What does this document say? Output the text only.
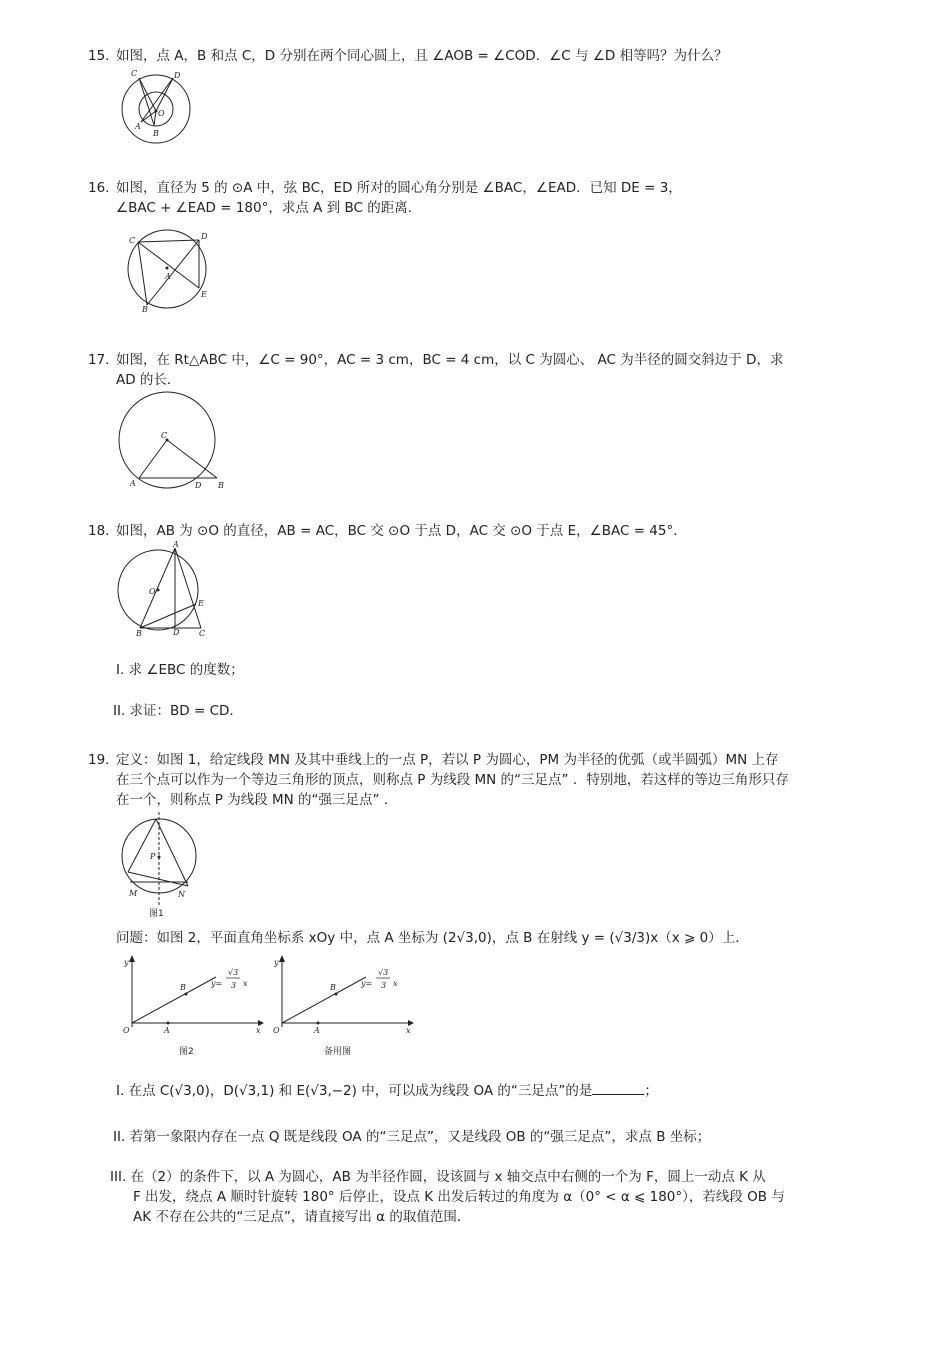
15. 如图，点 A，B 和点 C，D 分别在两个同心圆上，且 ∠AOB = ∠COD．∠C 与 ∠D 相等吗？为什么？
C	D
O
A
B
16. 如图，直径为 5 的 ⊙A 中，弦 BC，ED 所对的圆心角分别是 ∠BAC，∠EAD．已知 DE = 3，
∠BAC + ∠EAD = 180°，求点 A 到 BC 的距离．
C	D
A
E
B
17. 如图，在 Rt△ABC 中，∠C = 90°，AC = 3 cm，BC = 4 cm，以 C 为圆心、 AC 为半径的圆交斜边于 D，求
AD 的长．
C
A	D B
18. 如图，AB 为 ⊙O 的直径，AB = AC，BC 交 ⊙O 于点 D，AC 交 ⊙O 于点 E，∠BAC = 45°．
A
O
E
B	D C
I. 求 ∠EBC 的度数；
II. 求证：BD = CD．
19. 定义：如图 1，给定线段 MN 及其中垂线上的一点 P，若以 P 为圆心，PM 为半径的优弧（或半圆弧）MN 上存
在三个点可以作为一个等边三角形的顶点，则称点 P 为线段 MN 的“三足点” ．特别地，若这样的等边三角形只存
在一个，则称点 P 为线段 MN 的“强三足点” ．
P
M	N
图1
问题：如图 2，平面直角坐标系 xOy 中，点 A 坐标为 (2√3,0)，点 B 在射线 y = (√3/3)x（x ⩾ 0）上．
y
x
O	A
B	y=
√3
3 x
图2
y
x
O	A
B	y=
√3
3 x
备用图
I. 在点 C(√3,0)，D(√3,1) 和 E(√3,−2) 中，可以成为线段 OA 的“三足点”的是	；
II. 若第一象限内存在一点 Q 既是线段 OA 的“三足点”，又是线段 OB 的“强三足点”，求点 B 坐标；
III. 在（2）的条件下，以 A 为圆心，AB 为半径作圆，设该圆与 x 轴交点中右侧的一个为 F，圆上一动点 K 从
F 出发，绕点 A 顺时针旋转 180° 后停止，设点 K 出发后转过的角度为 α（0° < α ⩽ 180°），若线段 OB 与
AK 不存在公共的“三足点”，请直接写出 α 的取值范围．
